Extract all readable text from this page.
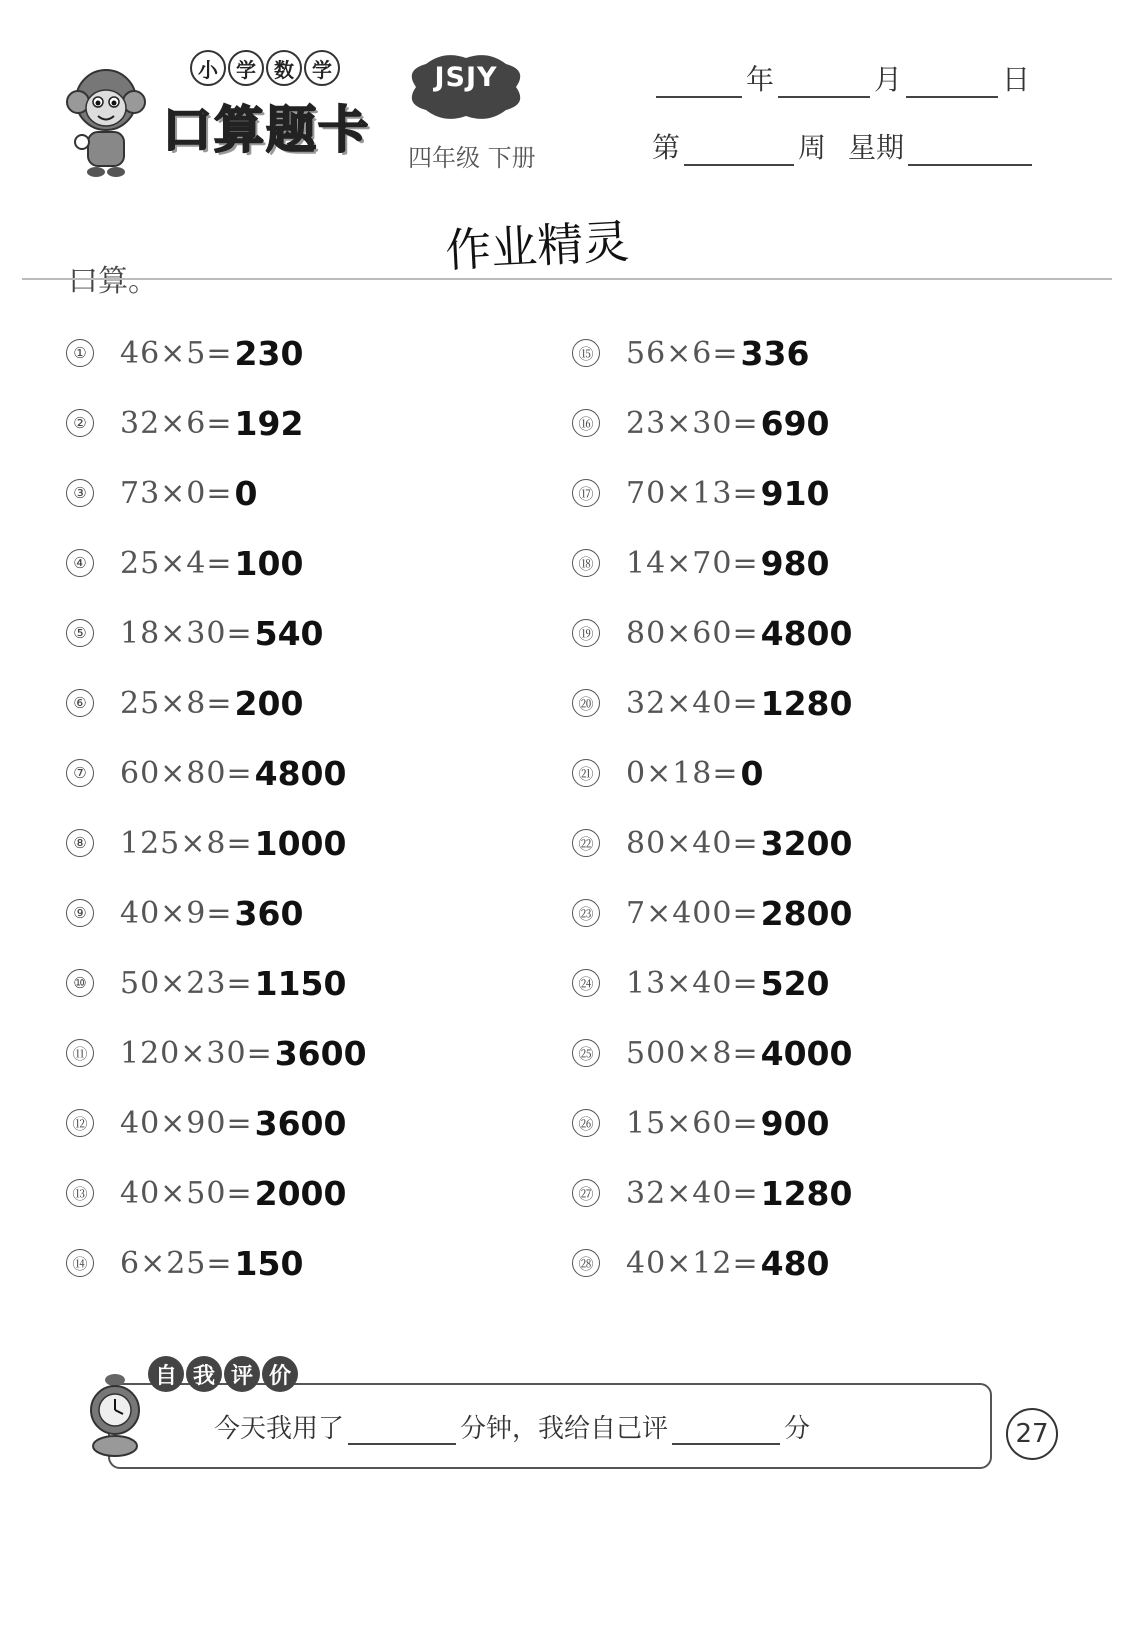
小 学 数 学
口算题卡
JSJY
四年级 下册
年	月	日
第	周 星期
作业精灵
口算。
① 46×5= 230
② 32×6= 192
③ 73×0= 0
④ 25×4= 100
⑤ 18×30= 540
⑥ 25×8= 200
⑦ 60×80= 4800
⑧ 125×8= 1000
⑨ 40×9= 360
⑩ 50×23= 1150
⑪ 120×30= 3600
⑫ 40×90= 3600
⑬ 40×50= 2000
⑭ 6×25= 150
⑮ 56×6= 336
⑯ 23×30= 690
⑰ 70×13= 910
⑱ 14×70= 980
⑲ 80×60= 4800
⑳ 32×40= 1280
㉑ 0×18= 0
㉒ 80×40= 3200
㉓ 7×400= 2800
㉔ 13×40= 520
㉕ 500×8= 4000
㉖ 15×60= 900
㉗ 32×40= 1280
㉘ 40×12= 480
自 我 评 价
今天我用了	分钟，我给自己评	分	27
